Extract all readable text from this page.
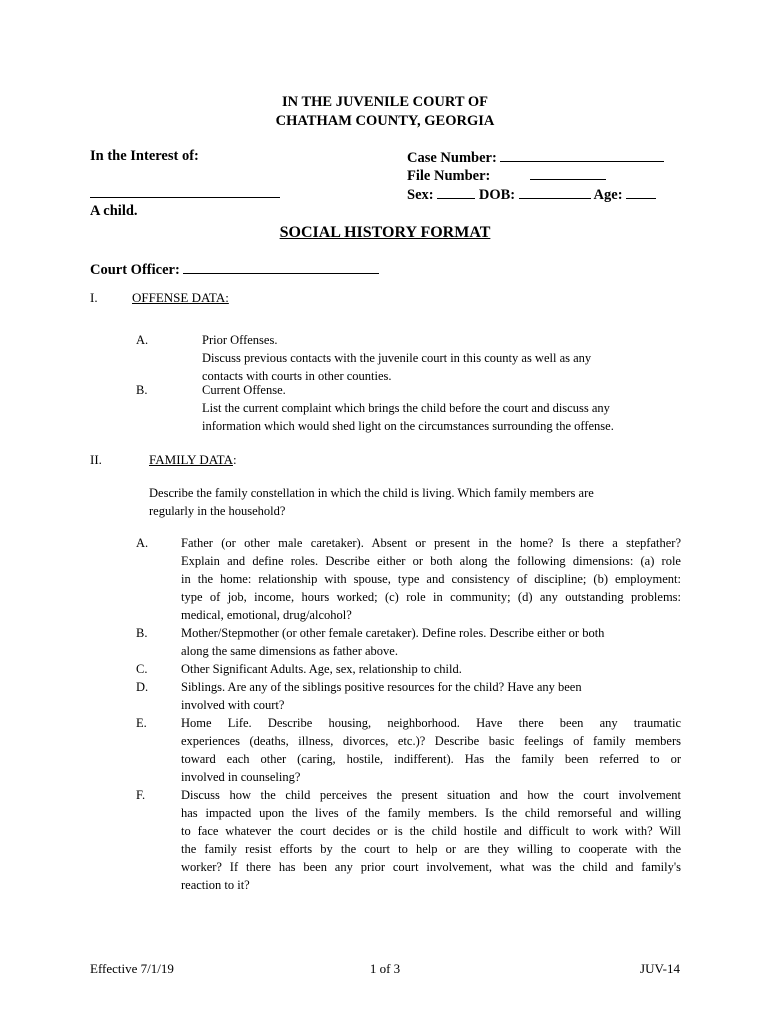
IN THE JUVENILE COURT OF
CHATHAM COUNTY, GEORGIA
In the Interest of:
A child.
Case Number:
File Number:
Sex:	DOB:	Age:
SOCIAL HISTORY FORMAT
Court Officer:
I.	OFFENSE DATA:
A.	Prior Offenses.
Discuss previous contacts with the juvenile court in this county as well as any
contacts with courts in other counties.
B.	Current Offense.
List the current complaint which brings the child before the court and discuss any
information which would shed light on the circumstances surrounding the offense.
II.	FAMILY DATA:
Describe the family constellation in which the child is living. Which family members are
regularly in the household?
A.	Father (or other male caretaker). Absent or present in the home? Is there a stepfather?
Explain and define roles. Describe either or both along the following dimensions: (a) role
in the home: relationship with spouse, type and consistency of discipline; (b) employment:
type of job, income, hours worked; (c) role in community; (d) any outstanding problems:
medical, emotional, drug/alcohol?
B.	Mother/Stepmother (or other female caretaker). Define roles. Describe either or both
along the same dimensions as father above.
C.	Other Significant Adults. Age, sex, relationship to child.
D.	Siblings. Are any of the siblings positive resources for the child? Have any been
involved with court?
E.	Home Life. Describe housing, neighborhood. Have there been any traumatic
experiences (deaths, illness, divorces, etc.)? Describe basic feelings of family members
toward each other (caring, hostile, indifferent). Has the family been referred to or
involved in counseling?
F.	Discuss how the child perceives the present situation and how the court involvement
has impacted upon the lives of the family members. Is the child remorseful and willing
to face whatever the court decides or is the child hostile and difficult to work with? Will
the family resist efforts by the court to help or are they willing to cooperate with the
worker? If there has been any prior court involvement, what was the child and family's
reaction to it?
Effective 7/1/19	1 of 3	JUV-14
